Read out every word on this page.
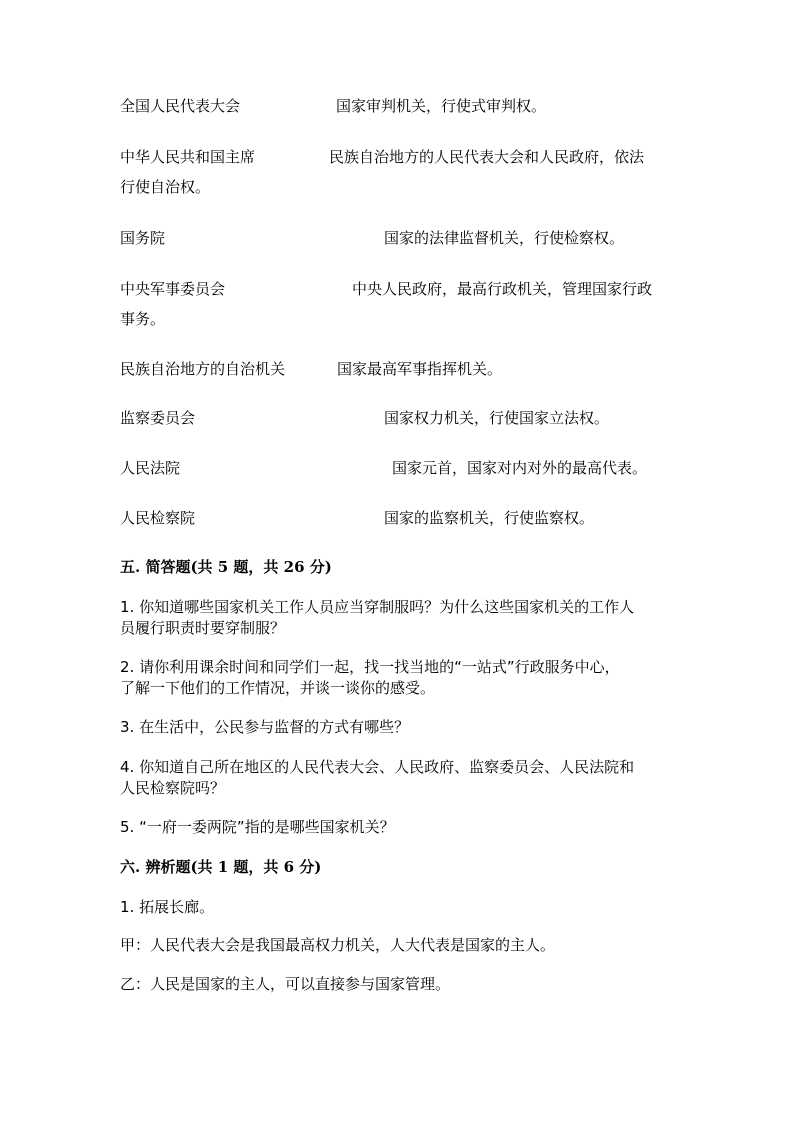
全国人民代表大会	国家审判机关，行使式审判权。
中华人民共和国主席	民族自治地方的人民代表大会和人民政府，依法
行使自治权。
国务院	国家的法律监督机关，行使检察权。
中央军事委员会	中央人民政府，最高行政机关，管理国家行政
事务。
民族自治地方的自治机关	国家最高军事指挥机关。
监察委员会	国家权力机关，行使国家立法权。
人民法院	国家元首，国家对内对外的最高代表。
人民检察院	国家的监察机关，行使监察权。
五. 简答题(共 5 题，共 26 分)
1. 你知道哪些国家机关工作人员应当穿制服吗？为什么这些国家机关的工作人
员履行职责时要穿制服？
2. 请你利用课余时间和同学们一起，找一找当地的“一站式”行政服务中心，
了解一下他们的工作情况，并谈一谈你的感受。
3. 在生活中，公民参与监督的方式有哪些？
4. 你知道自己所在地区的人民代表大会、人民政府、监察委员会、人民法院和
人民检察院吗？
5. “一府一委两院”指的是哪些国家机关？
六. 辨析题(共 1 题，共 6 分)
1. 拓展长廊。
甲：人民代表大会是我国最高权力机关，人大代表是国家的主人。
乙：人民是国家的主人，可以直接参与国家管理。
